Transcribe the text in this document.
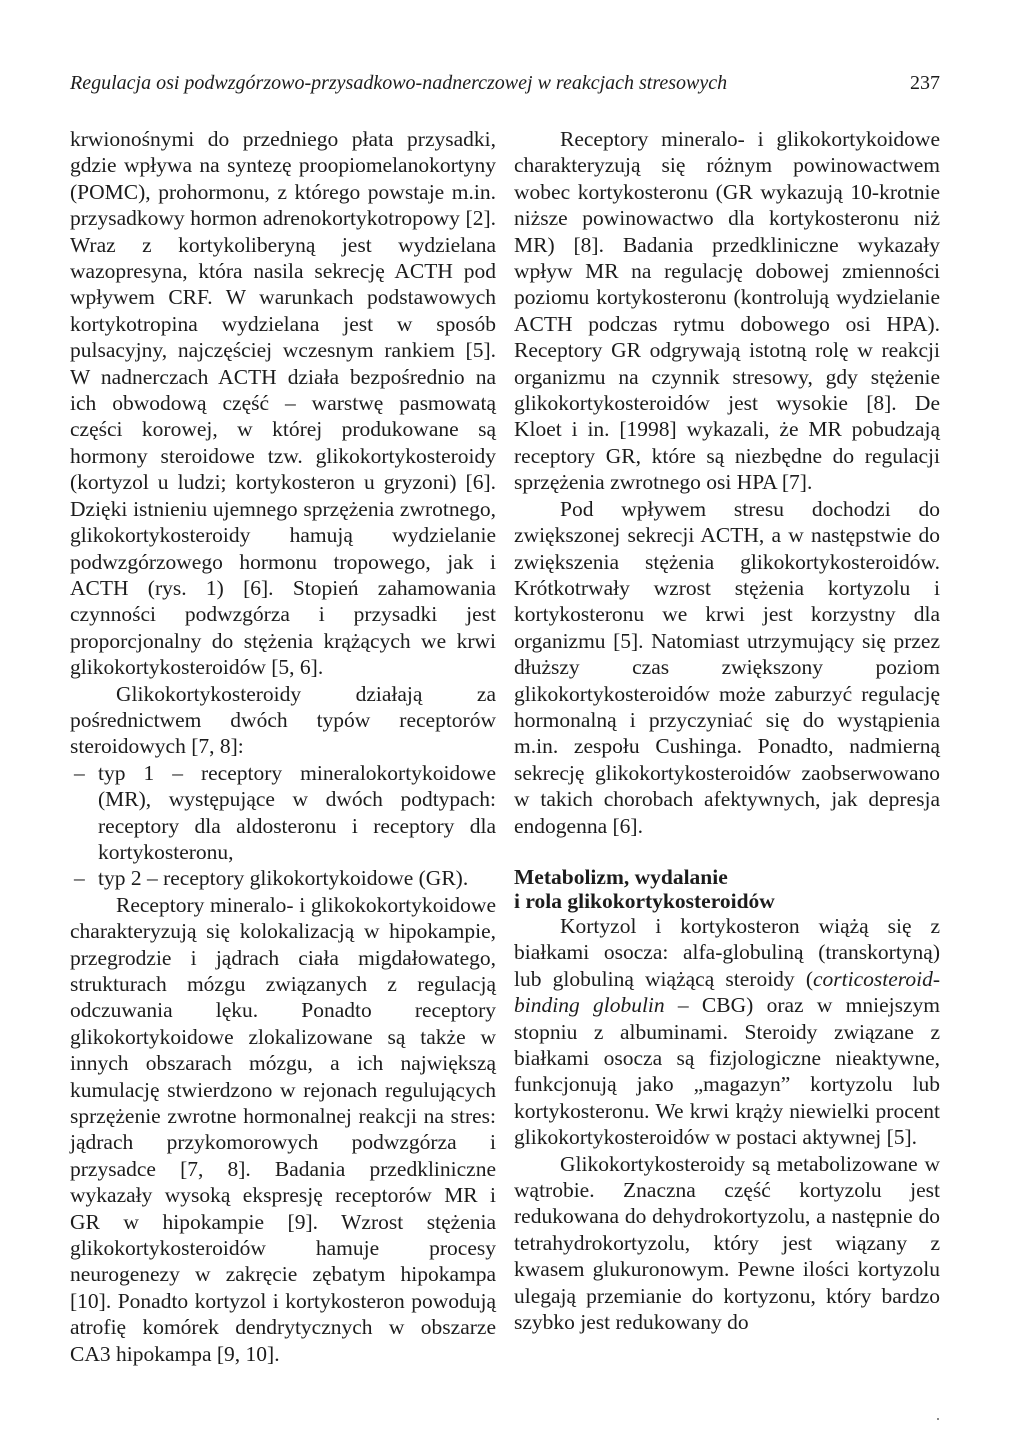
Regulacja osi podwzgórzowo-przysadkowo-nadnerczowej w reakcjach stresowych	237

krwionośnymi do przedniego płata przysadki, gdzie wpływa na syntezę proopiomelanokortyny (POMC), prohormonu, z którego powstaje m.in. przysadkowy hormon adrenokortykotropowy [2]. Wraz z kortykoliberyną jest wydzielana wazopresyna, która nasila sekrecję ACTH pod wpływem CRF. W warunkach podstawowych kortykotropina wydzielana jest w sposób pulsacyjny, najczęściej wczesnym rankiem [5]. W nadnerczach ACTH działa bezpośrednio na ich obwodową część – warstwę pasmowatą części korowej, w której produkowane są hormony steroidowe tzw. glikokortykosteroidy (kortyzol u ludzi; kortykosteron u gryzoni) [6]. Dzięki istnieniu ujemnego sprzężenia zwrotnego, glikokortykosteroidy hamują wydzielanie podwzgórzowego hormonu tropowego, jak i ACTH (rys. 1) [6]. Stopień zahamowania czynności podwzgórza i przysadki jest proporcjonalny do stężenia krążących we krwi glikokortykosteroidów [5, 6].

Glikokortykosteroidy działają za pośrednictwem dwóch typów receptorów steroidowych [7, 8]:

– typ 1 – receptory mineralokortykoidowe (MR), występujące w dwóch podtypach: receptory dla aldosteronu i receptory dla kortykosteronu,
– typ 2 – receptory glikokortykoidowe (GR).

Receptory mineralo- i glikokokortykoidowe charakteryzują się kolokalizacją w hipokampie, przegrodzie i jądrach ciała migdałowatego, strukturach mózgu związanych z regulacją odczuwania lęku. Ponadto receptory glikokortykoidowe zlokalizowane są także w innych obszarach mózgu, a ich największą kumulację stwierdzono w rejonach regulujących sprzężenie zwrotne hormonalnej reakcji na stres: jądrach przykomorowych podwzgórza i przysadce [7, 8]. Badania przedkliniczne wykazały wysoką ekspresję receptorów MR i GR w hipokampie [9]. Wzrost stężenia glikokortykosteroidów hamuje procesy neurogenezy w zakręcie zębatym hipokampa [10]. Ponadto kortyzol i kortykosteron powodują atrofię komórek dendrytycznych w obszarze CA3 hipokampa [9, 10].

Receptory mineralo- i glikokortykoidowe charakteryzują się różnym powinowactwem wobec kortykosteronu (GR wykazują 10-krotnie niższe powinowactwo dla kortykosteronu niż MR) [8]. Badania przedkliniczne wykazały wpływ MR na regulację dobowej zmienności poziomu kortykosteronu (kontrolują wydzielanie ACTH podczas rytmu dobowego osi HPA). Receptory GR odgrywają istotną rolę w reakcji organizmu na czynnik stresowy, gdy stężenie glikokortykosteroidów jest wysokie [8]. De Kloet i in. [1998] wykazali, że MR pobudzają receptory GR, które są niezbędne do regulacji sprzężenia zwrotnego osi HPA [7].

Pod wpływem stresu dochodzi do zwiększonej sekrecji ACTH, a w następstwie do zwiększenia stężenia glikokortykosteroidów. Krótkotrwały wzrost stężenia kortyzolu i kortykosteronu we krwi jest korzystny dla organizmu [5]. Natomiast utrzymujący się przez dłuższy czas zwiększony poziom glikokortykosteroidów może zaburzyć regulację hormonalną i przyczyniać się do wystąpienia m.in. zespołu Cushinga. Ponadto, nadmierną sekrecję glikokortykosteroidów zaobserwowano w takich chorobach afektywnych, jak depresja endogenna [6].

Metabolizm, wydalanie
i rola glikokortykosteroidów

Kortyzol i kortykosteron wiążą się z białkami osocza: alfa-globuliną (transkortyną) lub globuliną wiążącą steroidy (corticosteroid-binding globulin – CBG) oraz w mniejszym stopniu z albuminami. Steroidy związane z białkami osocza są fizjologiczne nieaktywne, funkcjonują jako „magazyn” kortyzolu lub kortykosteronu. We krwi krąży niewielki procent glikokortykosteroidów w postaci aktywnej [5].

Glikokortykosteroidy są metabolizowane w wątrobie. Znaczna część kortyzolu jest redukowana do dehydrokortyzolu, a następnie do tetrahydrokortyzolu, który jest wiązany z kwasem glukuronowym. Pewne ilości kortyzolu ulegają przemianie do kortyzonu, który bardzo szybko jest redukowany do
